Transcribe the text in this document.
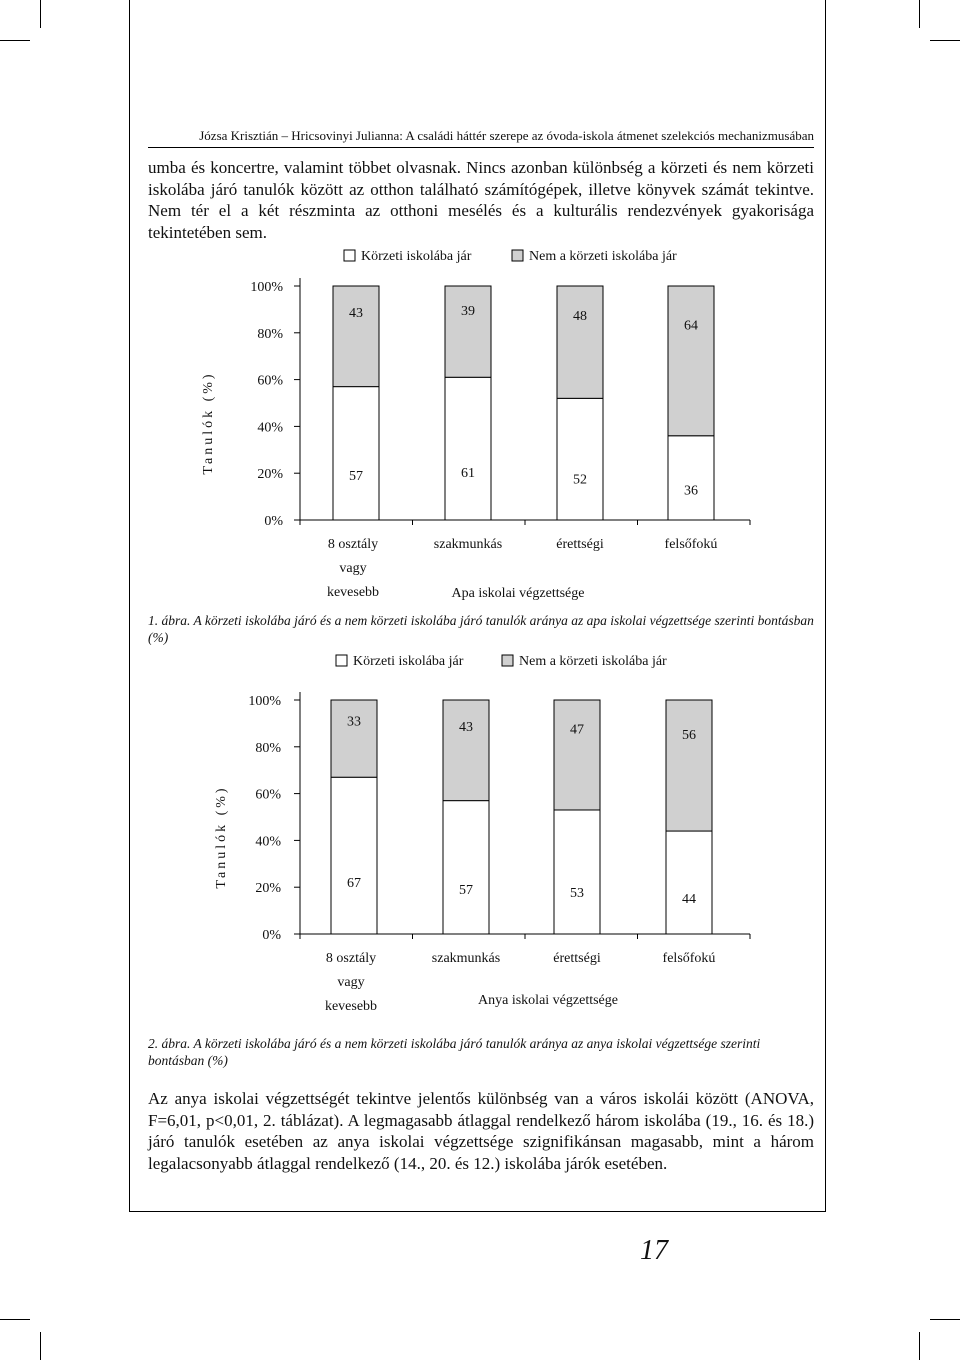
Józsa Krisztián – Hricsovinyi Julianna: A családi háttér szerepe az óvoda-iskola átmenet szelekciós mechanizmusában
umba és koncertre, valamint többet olvasnak. Nincs azonban különbség a körzeti és nem körzeti iskolába járó tanulók között az otthon található számítógépek, illetve könyvek számát tekintve. Nem tér el a két részminta az otthoni mesélés és a kulturális rendezvények gyakorisága tekintetében sem.
Körzeti iskolába jár	Nem a körzeti iskolába jár
Tanulók (%)
0%
20%
40%
60%
80%
100%
57
43
8 osztály
vagy
kevesebb
61
39
szakmunkás
52
48
érettségi
36
64
felsőfokú
Apa iskolai végzettsége
Körzeti iskolába jár	Nem a körzeti iskolába jár
Tanulók (%)
0%
20%
40%
60%
80%
100%
67
33
8 osztály
vagy
kevesebb
57
43
szakmunkás
53
47
érettségi
44
56
felsőfokú
Anya iskolai végzettsége
1. ábra. A körzeti iskolába járó és a nem körzeti iskolába járó tanulók aránya az apa iskolai végzettsége szerinti bontásban (%)
2. ábra. A körzeti iskolába járó és a nem körzeti iskolába járó tanulók aránya az anya iskolai végzettsége szerinti bontásban (%)
Az anya iskolai végzettségét tekintve jelentős különbség van a város iskolái között (ANOVA, F=6,01, p<0,01, 2. táblázat). A legmagasabb átlaggal rendelkező három iskolába (19., 16. és 18.) járó tanulók esetében az anya iskolai végzettsége szignifikánsan magasabb, mint a három legalacsonyabb átlaggal rendelkező (14., 20. és 12.) iskolába járók esetében.
17
